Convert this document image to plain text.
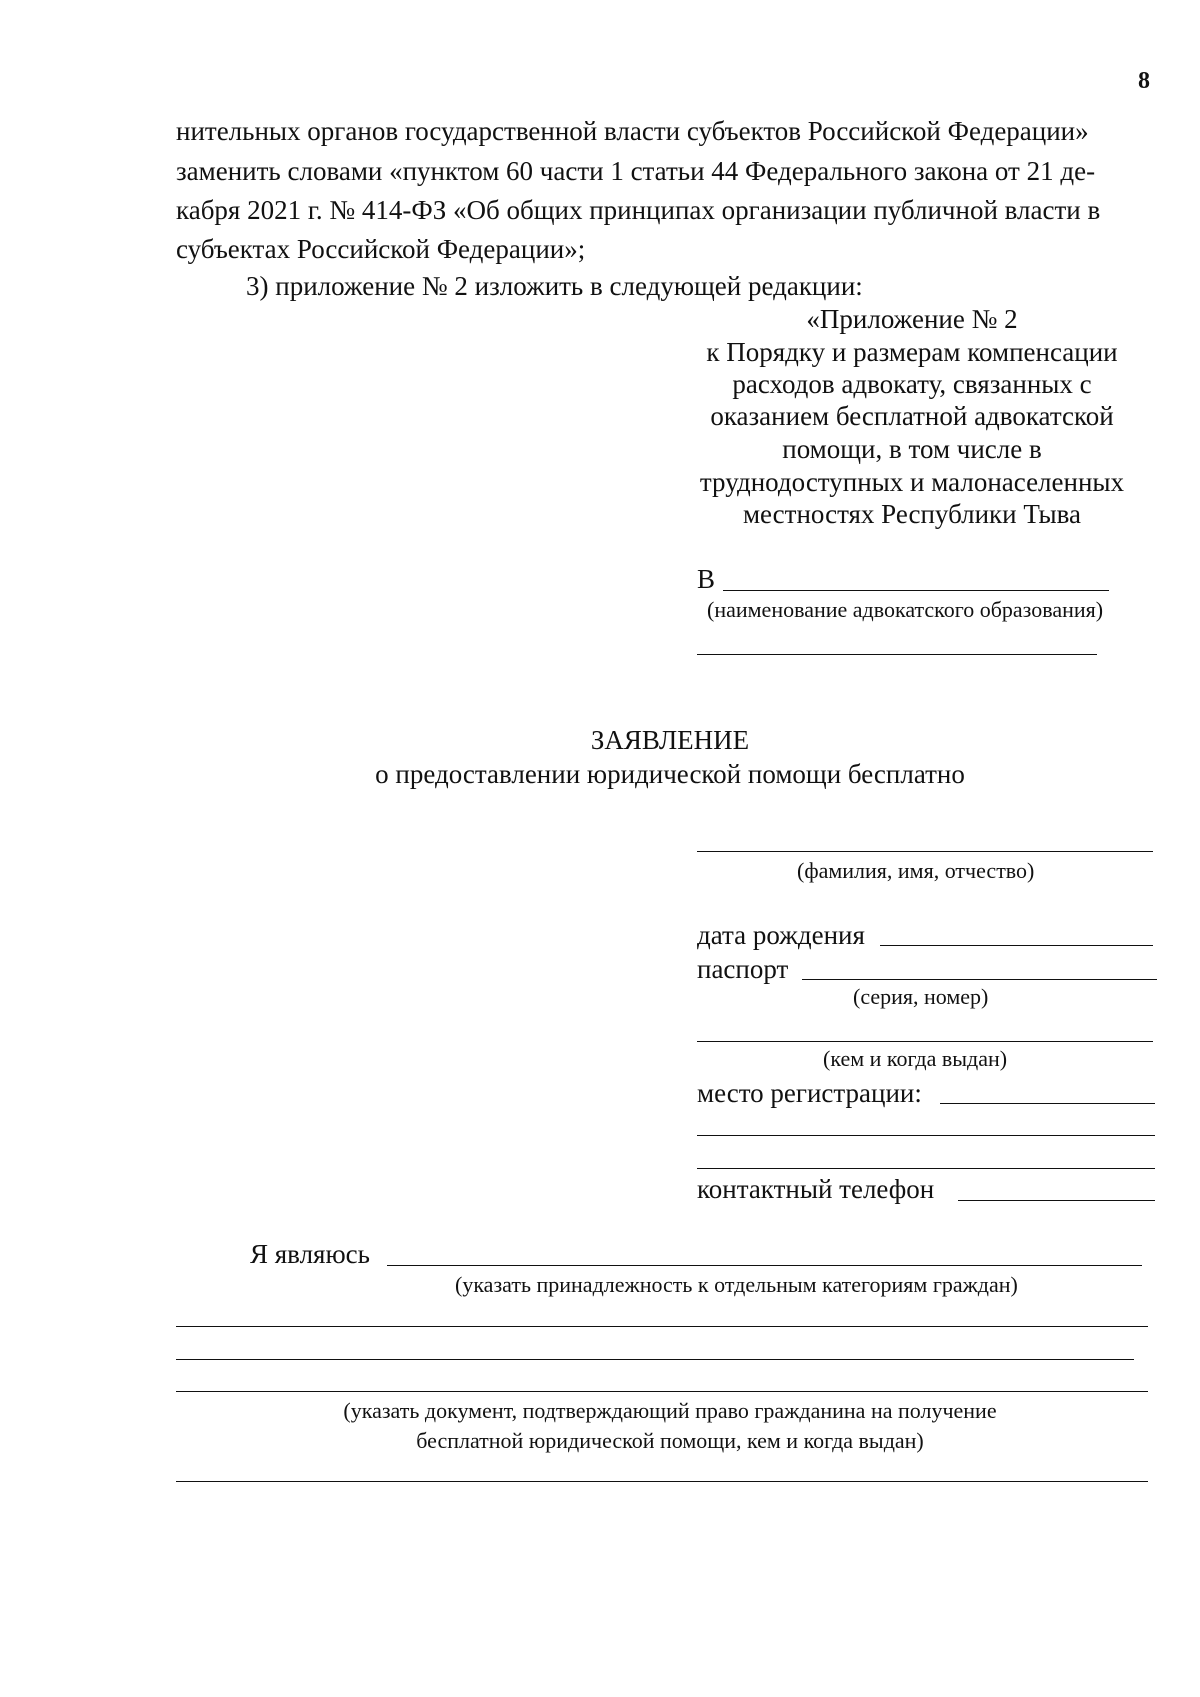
8
нительных органов государственной власти субъектов Российской Федерации»
заменить словами «пунктом 60 части 1 статьи 44 Федерального закона от 21 де-
кабря 2021 г. № 414-ФЗ «Об общих принципах организации публичной власти в
субъектах Российской Федерации»;
3) приложение № 2 изложить в следующей редакции:
«Приложение № 2
к Порядку и размерам компенсации
расходов адвокату, связанных с
оказанием бесплатной адвокатской
помощи, в том числе в
труднодоступных и малонаселенных
местностях Республики Тыва
В
(наименование адвокатского образования)
ЗАЯВЛЕНИЕ
о предоставлении юридической помощи бесплатно
(фамилия, имя, отчество)
дата рождения
паспорт
(серия, номер)
(кем и когда выдан)
место регистрации:
контактный телефон
Я являюсь
(указать принадлежность к отдельным категориям граждан)
(указать документ, подтверждающий право гражданина на получение
бесплатной юридической помощи, кем и когда выдан)
